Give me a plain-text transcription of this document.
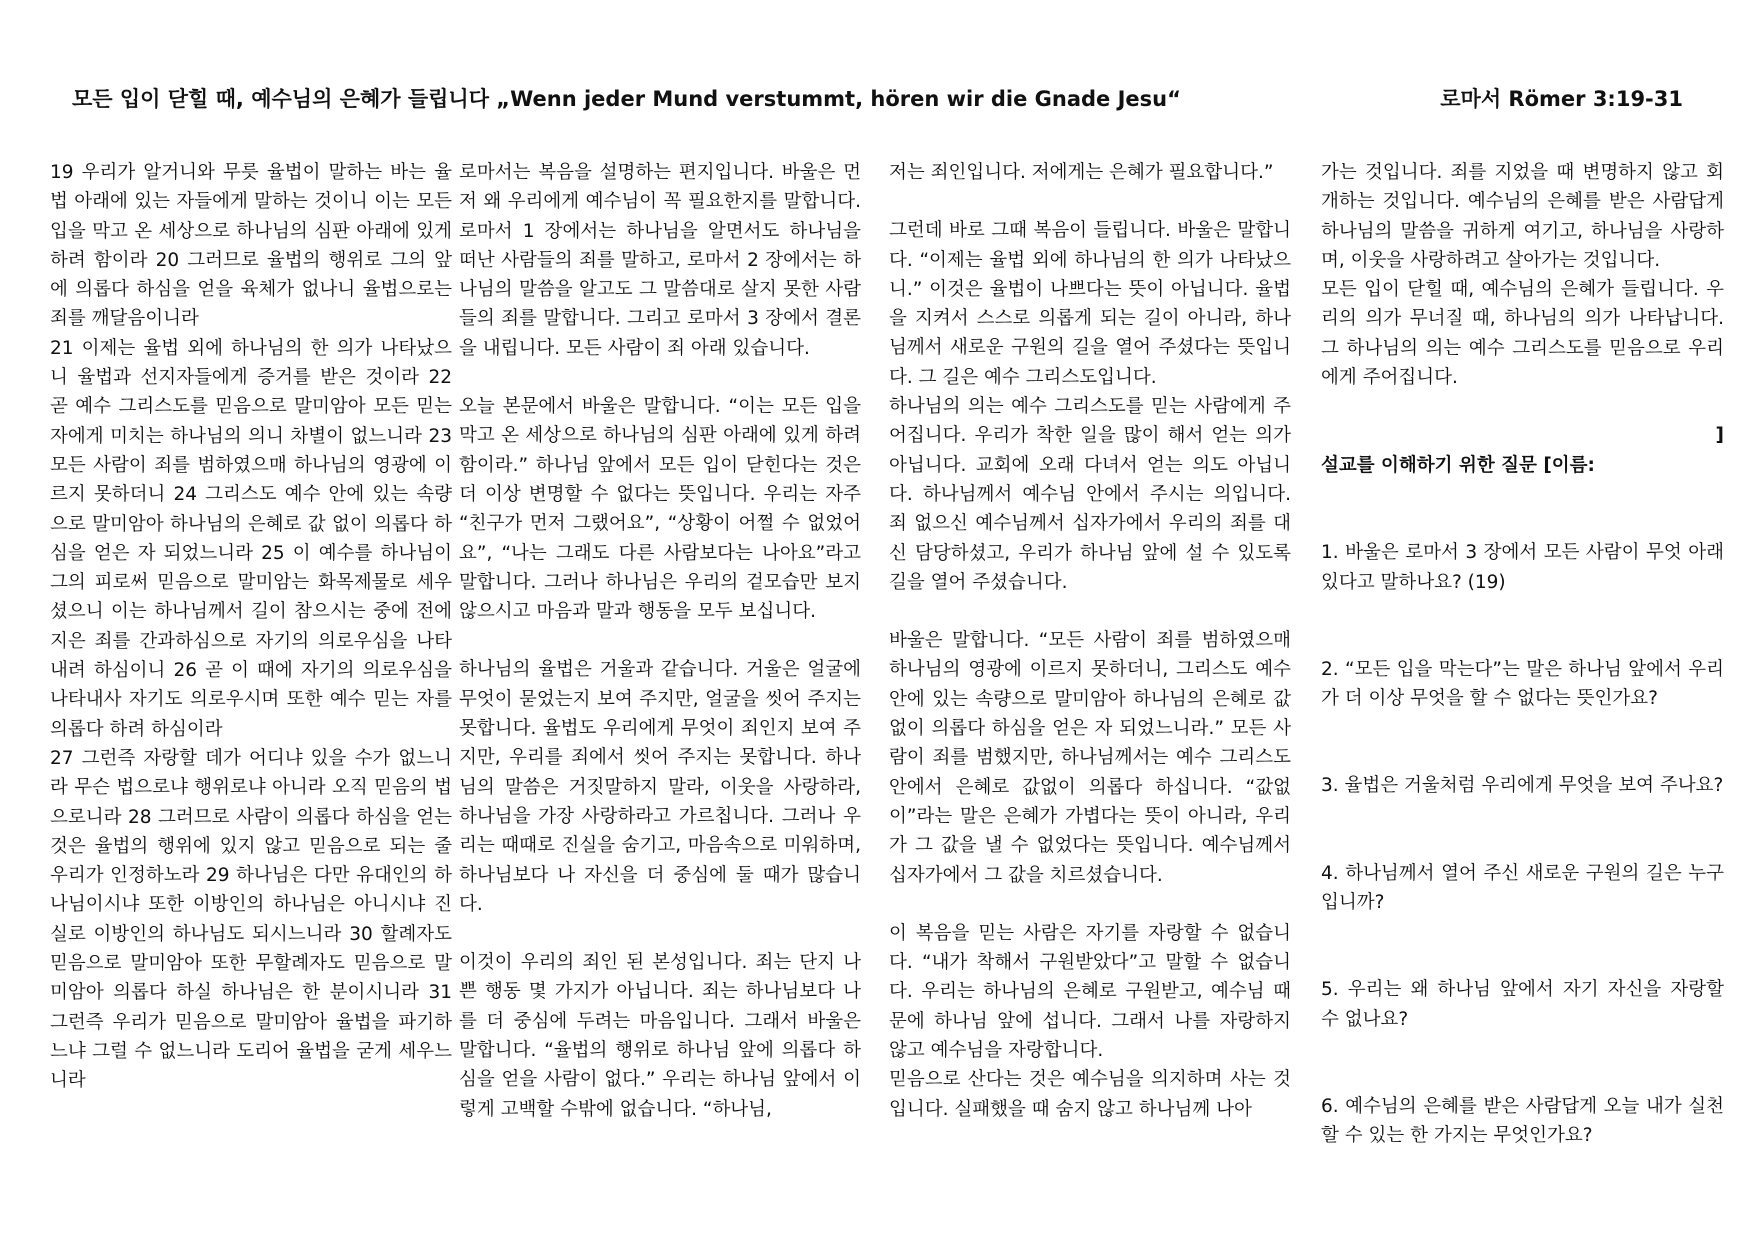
모든 입이 닫힐 때, 예수님의 은혜가 들립니다 „Wenn jeder Mund verstummt, hören wir die Gnade Jesu“	로마서 Römer 3:19-31

19 우리가 알거니와 무릇 율법이 말하는 바는 율법 아래에 있는 자들에게 말하는 것이니 이는 모든 입을 막고 온 세상으로 하나님의 심판 아래에 있게 하려 함이라 20 그러므로 율법의 행위로 그의 앞에 의롭다 하심을 얻을 육체가 없나니 율법으로는 죄를 깨달음이니라

21 이제는 율법 외에 하나님의 한 의가 나타났으니 율법과 선지자들에게 증거를 받은 것이라 22 곧 예수 그리스도를 믿음으로 말미암아 모든 믿는 자에게 미치는 하나님의 의니 차별이 없느니라 23 모든 사람이 죄를 범하였으매 하나님의 영광에 이르지 못하더니 24 그리스도 예수 안에 있는 속량으로 말미암아 하나님의 은혜로 값 없이 의롭다 하심을 얻은 자 되었느니라 25 이 예수를 하나님이 그의 피로써 믿음으로 말미암는 화목제물로 세우셨으니 이는 하나님께서 길이 참으시는 중에 전에 지은 죄를 간과하심으로 자기의 의로우심을 나타내려 하심이니 26 곧 이 때에 자기의 의로우심을 나타내사 자기도 의로우시며 또한 예수 믿는 자를 의롭다 하려 하심이라

27 그런즉 자랑할 데가 어디냐 있을 수가 없느니라 무슨 법으로냐 행위로냐 아니라 오직 믿음의 법으로니라 28 그러므로 사람이 의롭다 하심을 얻는 것은 율법의 행위에 있지 않고 믿음으로 되는 줄 우리가 인정하노라 29 하나님은 다만 유대인의 하나님이시냐 또한 이방인의 하나님은 아니시냐 진실로 이방인의 하나님도 되시느니라 30 할례자도 믿음으로 말미암아 또한 무할례자도 믿음으로 말미암아 의롭다 하실 하나님은 한 분이시니라 31 그런즉 우리가 믿음으로 말미암아 율법을 파기하느냐 그럴 수 없느니라 도리어 율법을 굳게 세우느니라

로마서는 복음을 설명하는 편지입니다. 바울은 먼저 왜 우리에게 예수님이 꼭 필요한지를 말합니다. 로마서 1 장에서는 하나님을 알면서도 하나님을 떠난 사람들의 죄를 말하고, 로마서 2 장에서는 하나님의 말씀을 알고도 그 말씀대로 살지 못한 사람들의 죄를 말합니다. 그리고 로마서 3 장에서 결론을 내립니다. 모든 사람이 죄 아래 있습니다.

오늘 본문에서 바울은 말합니다. “이는 모든 입을 막고 온 세상으로 하나님의 심판 아래에 있게 하려 함이라.” 하나님 앞에서 모든 입이 닫힌다는 것은 더 이상 변명할 수 없다는 뜻입니다. 우리는 자주 “친구가 먼저 그랬어요”, “상황이 어쩔 수 없었어요”, “나는 그래도 다른 사람보다는 나아요”라고 말합니다. 그러나 하나님은 우리의 겉모습만 보지 않으시고 마음과 말과 행동을 모두 보십니다.

하나님의 율법은 거울과 같습니다. 거울은 얼굴에 무엇이 묻었는지 보여 주지만, 얼굴을 씻어 주지는 못합니다. 율법도 우리에게 무엇이 죄인지 보여 주지만, 우리를 죄에서 씻어 주지는 못합니다. 하나님의 말씀은 거짓말하지 말라, 이웃을 사랑하라, 하나님을 가장 사랑하라고 가르칩니다. 그러나 우리는 때때로 진실을 숨기고, 마음속으로 미워하며, 하나님보다 나 자신을 더 중심에 둘 때가 많습니다.

이것이 우리의 죄인 된 본성입니다. 죄는 단지 나쁜 행동 몇 가지가 아닙니다. 죄는 하나님보다 나를 더 중심에 두려는 마음입니다. 그래서 바울은 말합니다. “율법의 행위로 하나님 앞에 의롭다 하심을 얻을 사람이 없다.” 우리는 하나님 앞에서 이렇게 고백할 수밖에 없습니다. “하나님,

저는 죄인입니다. 저에게는 은혜가 필요합니다.”

그런데 바로 그때 복음이 들립니다. 바울은 말합니다. “이제는 율법 외에 하나님의 한 의가 나타났으니.” 이것은 율법이 나쁘다는 뜻이 아닙니다. 율법을 지켜서 스스로 의롭게 되는 길이 아니라, 하나님께서 새로운 구원의 길을 열어 주셨다는 뜻입니다. 그 길은 예수 그리스도입니다.

하나님의 의는 예수 그리스도를 믿는 사람에게 주어집니다. 우리가 착한 일을 많이 해서 얻는 의가 아닙니다. 교회에 오래 다녀서 얻는 의도 아닙니다. 하나님께서 예수님 안에서 주시는 의입니다. 죄 없으신 예수님께서 십자가에서 우리의 죄를 대신 담당하셨고, 우리가 하나님 앞에 설 수 있도록 길을 열어 주셨습니다.

바울은 말합니다. “모든 사람이 죄를 범하였으매 하나님의 영광에 이르지 못하더니, 그리스도 예수 안에 있는 속량으로 말미암아 하나님의 은혜로 값없이 의롭다 하심을 얻은 자 되었느니라.” 모든 사람이 죄를 범했지만, 하나님께서는 예수 그리스도 안에서 은혜로 값없이 의롭다 하십니다. “값없이”라는 말은 은혜가 가볍다는 뜻이 아니라, 우리가 그 값을 낼 수 없었다는 뜻입니다. 예수님께서 십자가에서 그 값을 치르셨습니다.

이 복음을 믿는 사람은 자기를 자랑할 수 없습니다. “내가 착해서 구원받았다”고 말할 수 없습니다. 우리는 하나님의 은혜로 구원받고, 예수님 때문에 하나님 앞에 섭니다. 그래서 나를 자랑하지 않고 예수님을 자랑합니다.

믿음으로 산다는 것은 예수님을 의지하며 사는 것입니다. 실패했을 때 숨지 않고 하나님께 나아

가는 것입니다. 죄를 지었을 때 변명하지 않고 회개하는 것입니다. 예수님의 은혜를 받은 사람답게 하나님의 말씀을 귀하게 여기고, 하나님을 사랑하며, 이웃을 사랑하려고 살아가는 것입니다.

모든 입이 닫힐 때, 예수님의 은혜가 들립니다. 우리의 의가 무너질 때, 하나님의 의가 나타납니다. 그 하나님의 의는 예수 그리스도를 믿음으로 우리에게 주어집니다.

설교를 이해하기 위한 질문 [이름:

]

1. 바울은 로마서 3 장에서 모든 사람이 무엇 아래 있다고 말하나요? (19)

2. “모든 입을 막는다”는 말은 하나님 앞에서 우리가 더 이상 무엇을 할 수 없다는 뜻인가요?

3. 율법은 거울처럼 우리에게 무엇을 보여 주나요?

4. 하나님께서 열어 주신 새로운 구원의 길은 누구입니까?

5. 우리는 왜 하나님 앞에서 자기 자신을 자랑할 수 없나요?

6. 예수님의 은혜를 받은 사람답게 오늘 내가 실천할 수 있는 한 가지는 무엇인가요?
